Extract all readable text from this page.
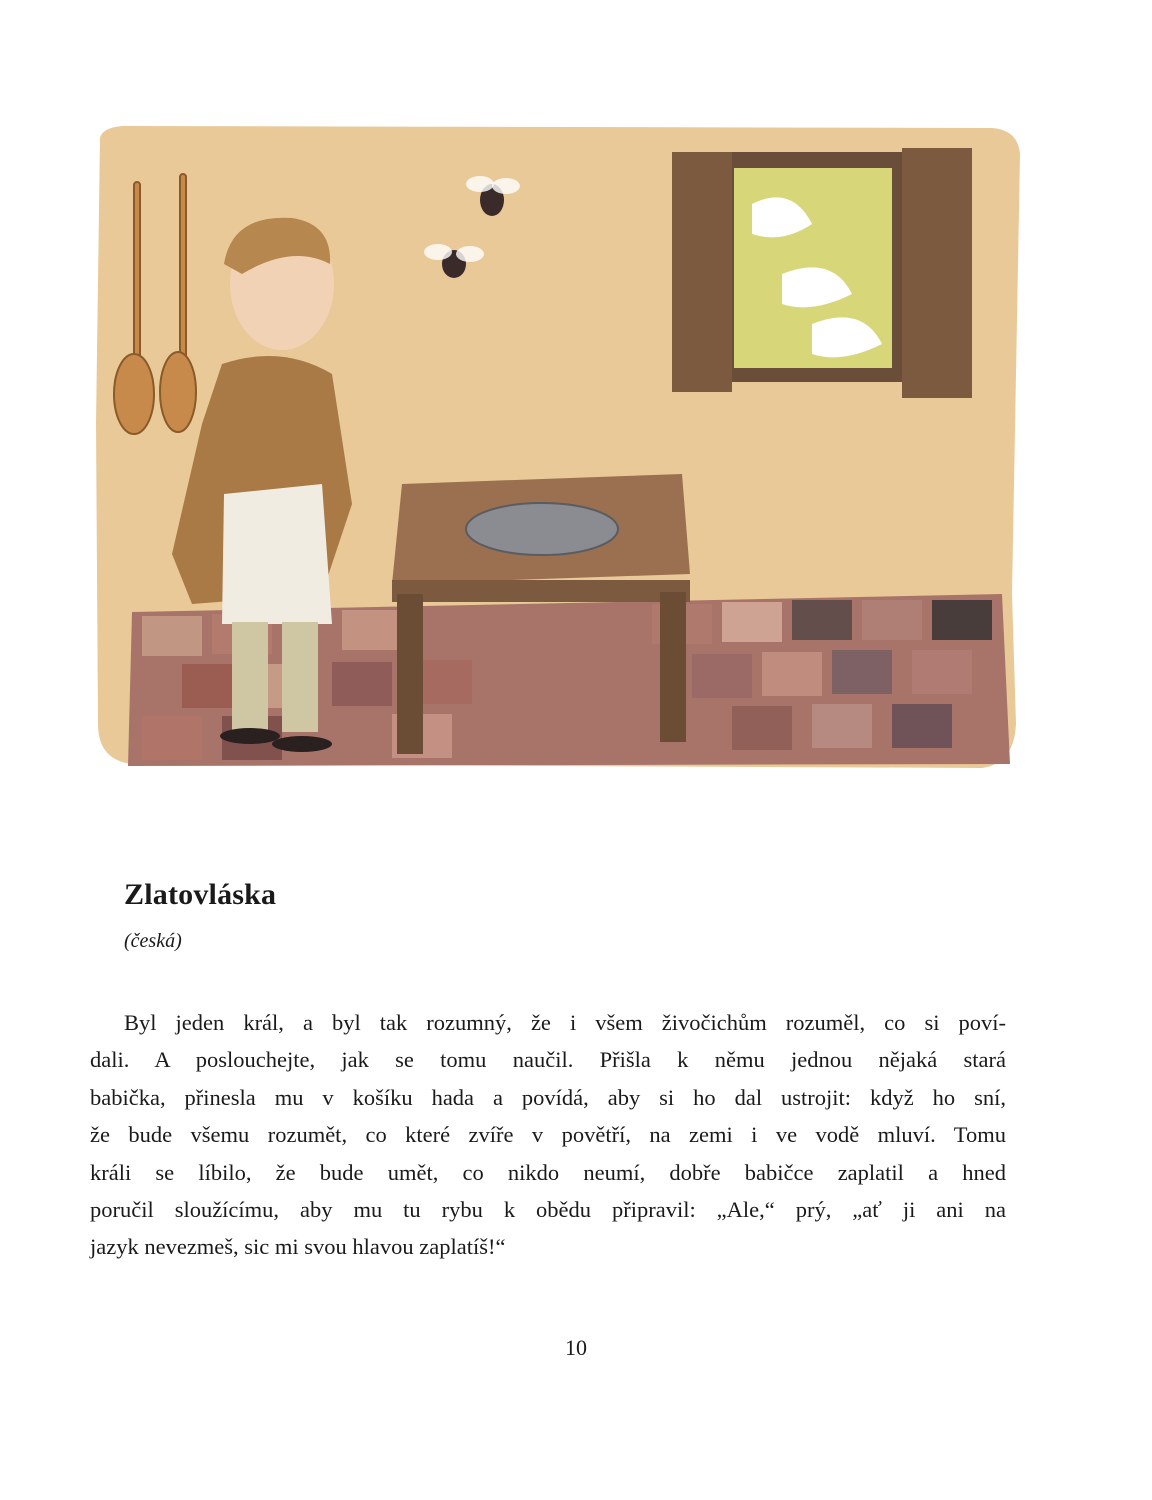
Zlatovláska

(česká)

Byl jeden král, a byl tak rozumný, že i všem živočichům rozuměl, co si poví-
dali. A poslouchejte, jak se tomu naučil. Přišla k němu jednou nějaká stará
babička, přinesla mu v košíku hada a povídá, aby si ho dal ustrojit: když ho sní,
že bude všemu rozumět, co které zvíře v povětří, na zemi i ve vodě mluví. Tomu
králi se líbilo, že bude umět, co nikdo neumí, dobře babičce zaplatil a hned
poručil sloužícímu, aby mu tu rybu k obědu připravil: „Ale,“ prý, „ať ji ani na
jazyk nevezmeš, sic mi svou hlavou zaplatíš!“
10
